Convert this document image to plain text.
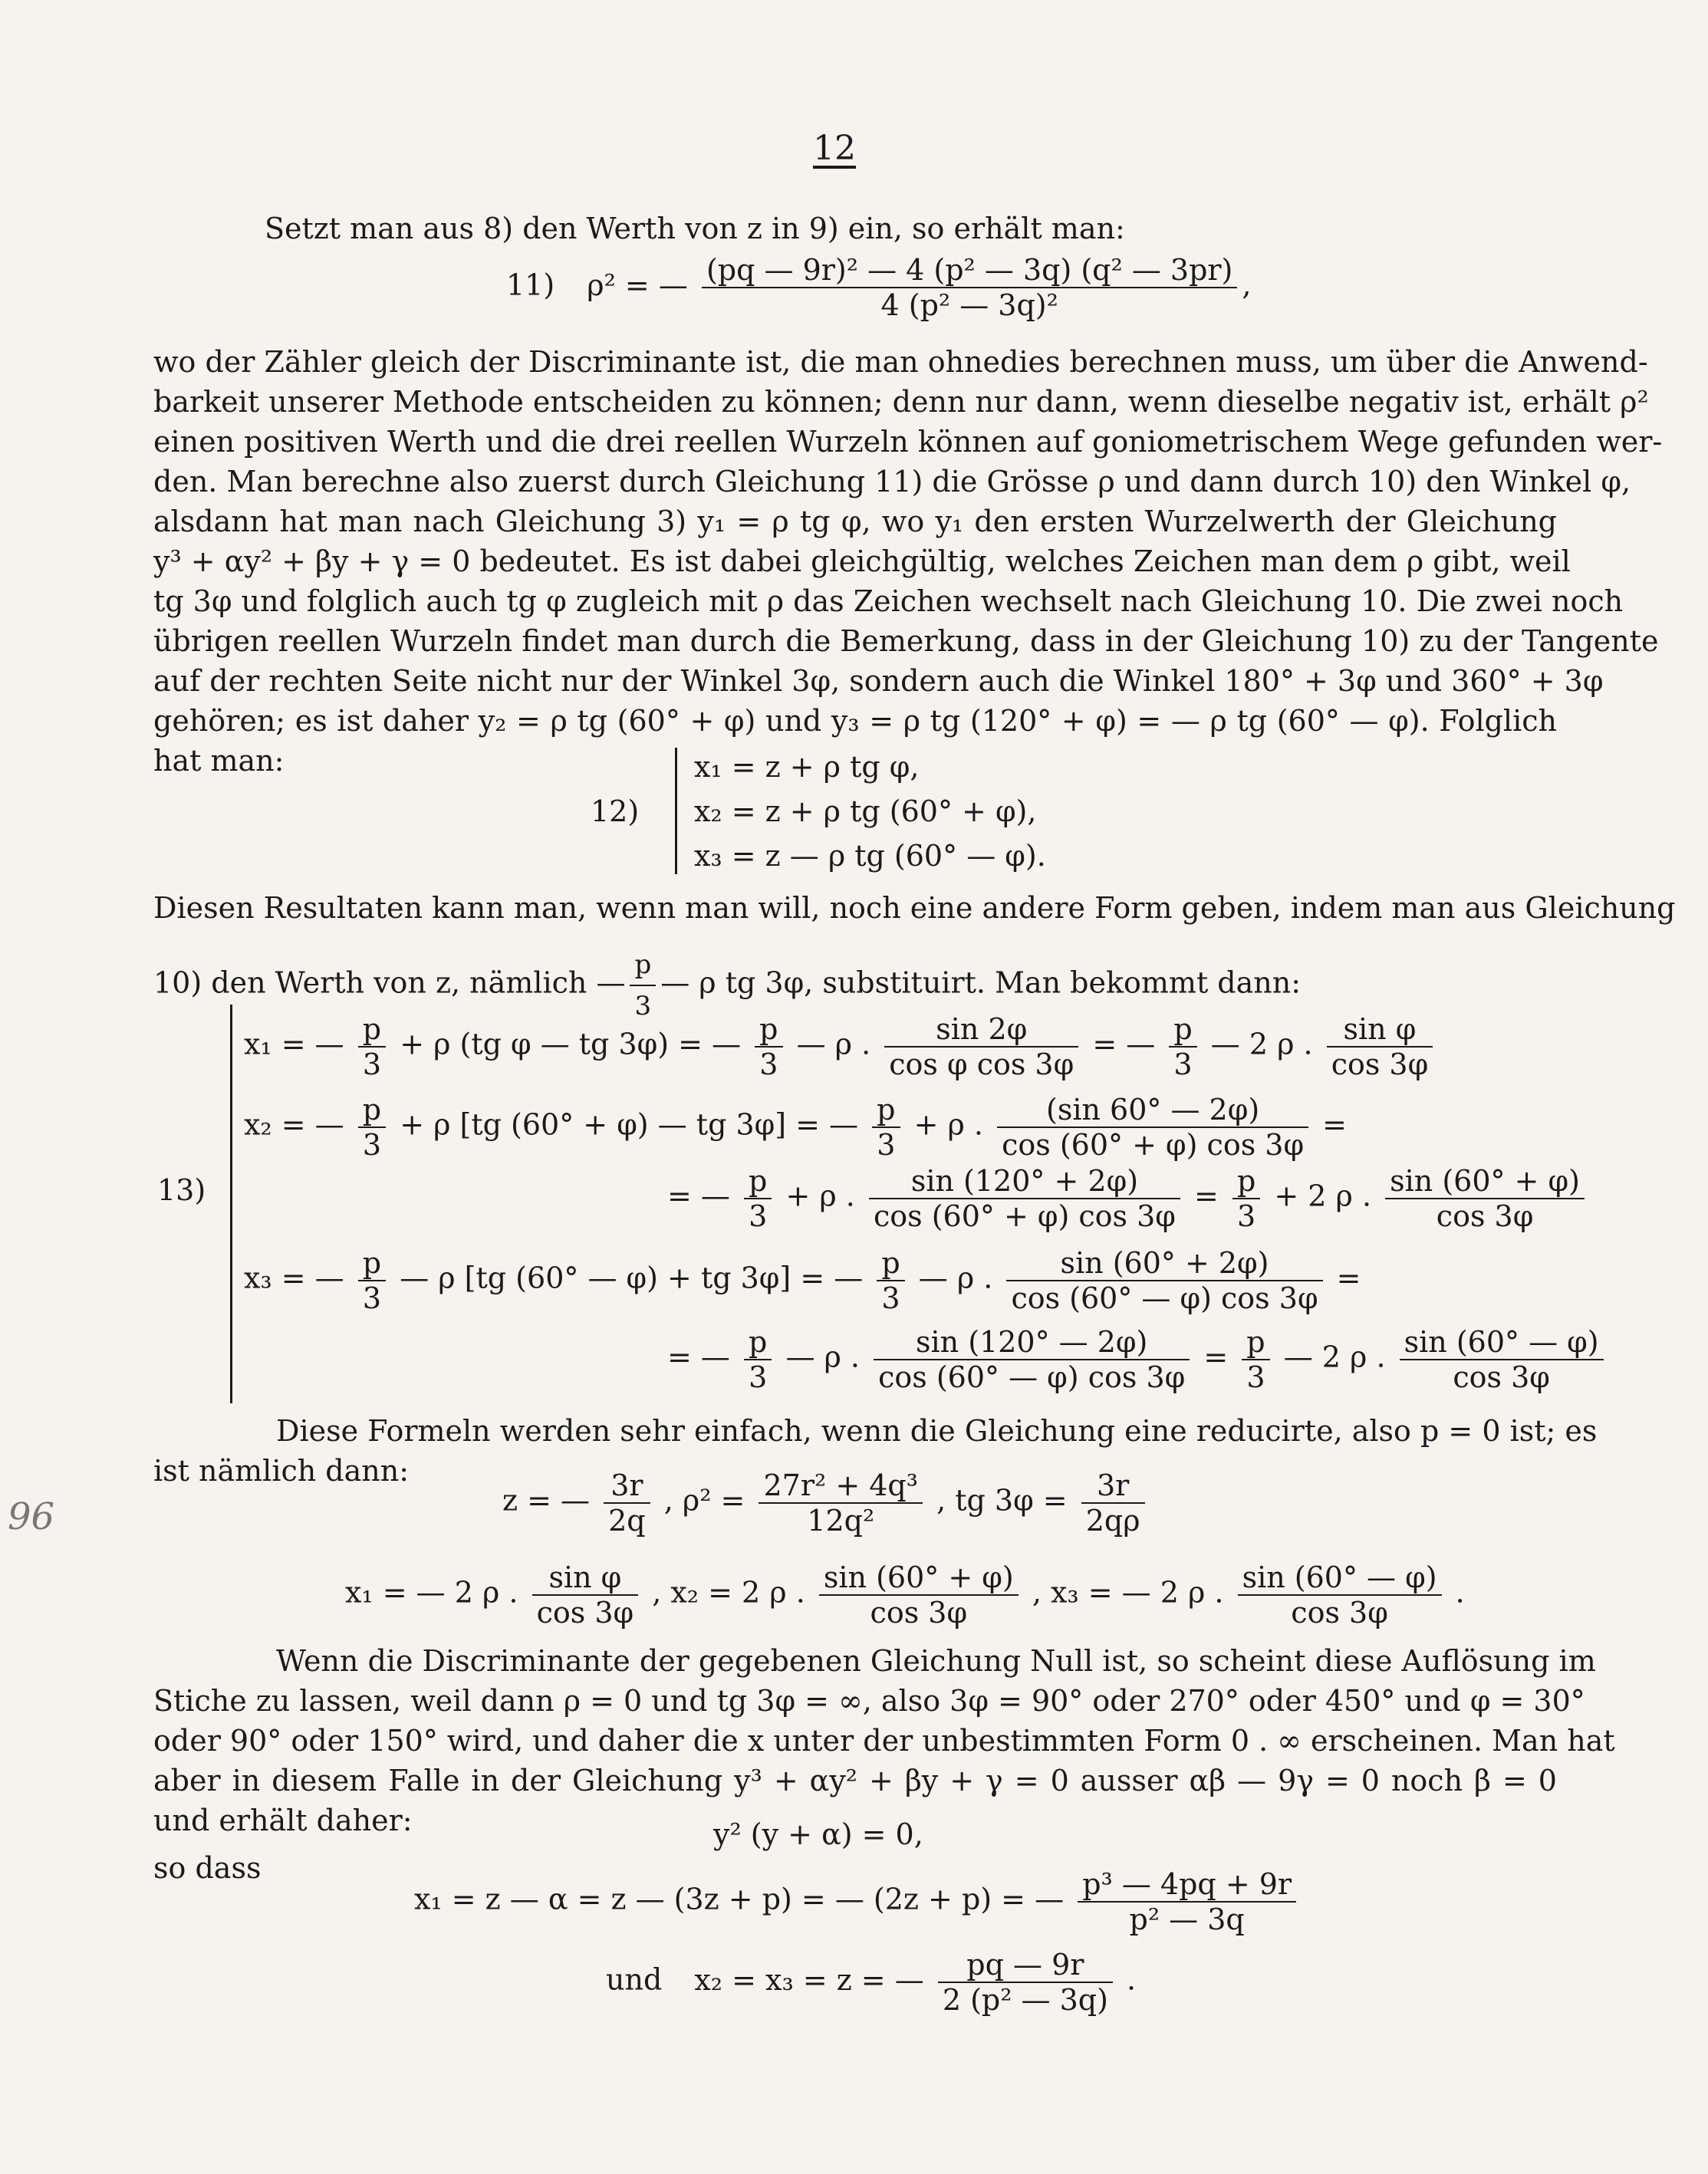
12
Setzt man aus 8) den Werth von z in 9) ein, so erhält man:
11) ρ² = — $\frac{\text{(pq — 9r)² — 4 (p² — 3q) (q² — 3pr)}}{\text{4 (p² — 3q)²}}$ ,
wo der Zähler gleich der Discriminante ist, die man ohnedies berechnen muss, um über die Anwend-
barkeit unserer Methode entscheiden zu können; denn nur dann, wenn dieselbe negativ ist, erhält ρ²
einen positiven Werth und die drei reellen Wurzeln können auf goniometrischem Wege gefunden wer-
den. Man berechne also zuerst durch Gleichung 11) die Grösse ρ und dann durch 10) den Winkel φ,
alsdann hat man nach Gleichung 3) y₁ = ρ tg φ, wo y₁ den ersten Wurzelwerth der Gleichung
y³ + αy² + βy + γ = 0 bedeutet. Es ist dabei gleichgültig, welches Zeichen man dem ρ gibt, weil
tg 3φ und folglich auch tg φ zugleich mit ρ das Zeichen wechselt nach Gleichung 10. Die zwei noch
übrigen reellen Wurzeln findet man durch die Bemerkung, dass in der Gleichung 10) zu der Tangente
auf der rechten Seite nicht nur der Winkel 3φ, sondern auch die Winkel 180° + 3φ und 360° + 3φ
gehören; es ist daher y₂ = ρ tg (60° + φ) und y₃ = ρ tg (120° + φ) = — ρ tg (60° — φ). Folglich
hat man:
12)
x₁ = z + ρ tg φ,
x₂ = z + ρ tg (60° + φ),
x₃ = z — ρ tg (60° — φ).
Diesen Resultaten kann man, wenn man will, noch eine andere Form geben, indem man aus Gleichung
10) den Werth von z, nämlich — $\frac{p}{3}$ — ρ tg 3φ, substituirt. Man bekommt dann:
13)
x₁ = — $\frac{p}{3} + \rho$ (tg φ — tg 3φ) = — $\frac{p}{3}$ — ρ . $\frac{\sin 2\varphi}{\text{cos φ cos 3φ}}$ = — $\frac{p}{3}$ — 2 ρ . $\frac{\text{sin φ}}{\cos 3\varphi}$
x₂ = — $\frac{p}{3} + \rho$ [tg (60° + φ) — tg 3φ] = — $\frac{p}{3} + \rho$ . $\frac{(\sin 60^\circ — 2\varphi)}{\cos (60^\circ + \varphi) \cos 3\varphi}$ =
= — $\frac{p}{3} + \rho$ . $\frac{\sin (120^\circ + 2\varphi)}{\cos (60^\circ + \varphi) \cos 3\varphi} = \frac{p}{3} + 2$ ρ . $\frac{\sin (60^\circ + \varphi)}{\cos 3\varphi}$
x₃ = — $\frac{p}{3}$ — ρ [tg (60° — φ) + tg 3φ] = — $\frac{p}{3}$ — ρ . $\frac{\sin (60^\circ + 2\varphi)}{\cos (60^\circ — \varphi) \cos 3\varphi}$ =
= — $\frac{p}{3}$ — ρ . $\frac{\sin (120^\circ — 2\varphi)}{\cos (60^\circ — \varphi) \cos 3\varphi} = \frac{p}{3}$ — 2 ρ . $\frac{\sin (60^\circ — \varphi)}{\cos 3\varphi}$
Diese Formeln werden sehr einfach, wenn die Gleichung eine reducirte, also p = 0 ist; es
ist nämlich dann:
z = — $\frac{3r}{2q}$ , $\rho^2 = \frac{\text{27r² + 4q³}}{\text{12q²}}$ , tg $3\varphi = \frac{3r}{2q\rho}$
x₁ = — 2 ρ . $\frac{\text{sin φ}}{\cos 3\varphi}$ , x₂ = 2 ρ . $\frac{\sin (60^\circ + \varphi)}{\cos 3\varphi}$ , x₃ = — 2 ρ . $\frac{\sin (60^\circ — \varphi)}{\cos 3\varphi}$ .
Wenn die Discriminante der gegebenen Gleichung Null ist, so scheint diese Auflösung im
Stiche zu lassen, weil dann ρ = 0 und tg 3φ = ∞, also 3φ = 90° oder 270° oder 450° und φ = 30°
oder 90° oder 150° wird, und daher die x unter der unbestimmten Form 0 . ∞ erscheinen. Man hat
aber in diesem Falle in der Gleichung y³ + αy² + βy + γ = 0 ausser αβ — 9γ = 0 noch β = 0
und erhält daher:	y² (y + α) = 0,
so dass
x₁ = z — α = z — (3z + p) = — (2z + p) = — $\frac{\text{p³ — 4pq + 9r}}{\text{p² — 3q}}$
und x₂ = x₃ = z = — $\frac{pq — 9r}{\text{2 (p² — 3q)}}$ .
96
